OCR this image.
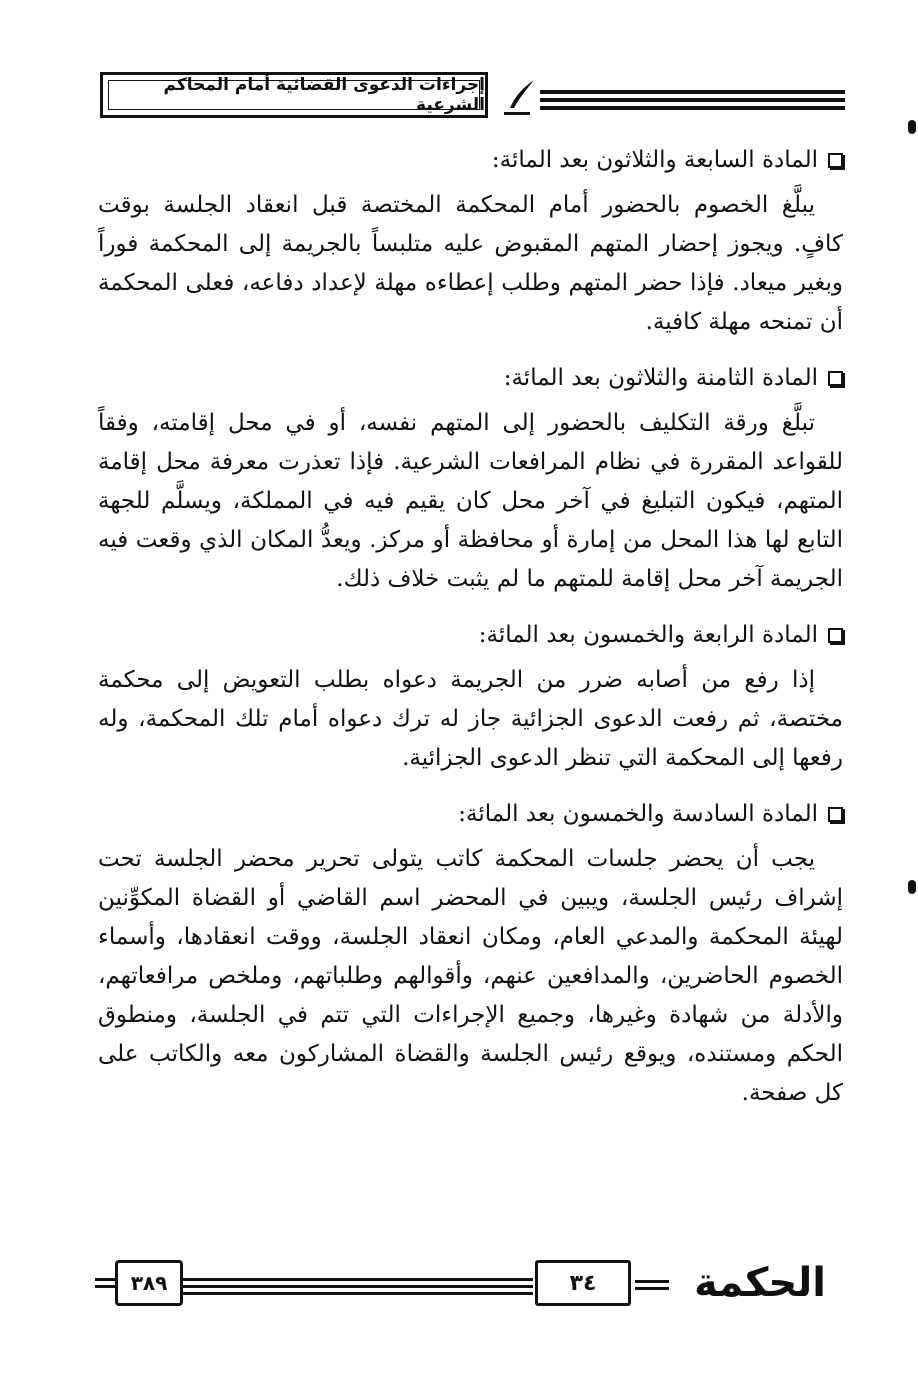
إجراءات الدعوى القضائية أمام المحاكم الشرعية
المادة السابعة والثلاثون بعد المائة:
يبلَّغ الخصوم بالحضور أمام المحكمة المختصة قبل انعقاد الجلسة بوقت كافٍ. ويجوز إحضار المتهم المقبوض عليه متلبساً بالجريمة إلى المحكمة فوراً وبغير ميعاد. فإذا حضر المتهم وطلب إعطاءه مهلة لإعداد دفاعه، فعلى المحكمة أن تمنحه مهلة كافية.
المادة الثامنة والثلاثون بعد المائة:
تبلَّغ ورقة التكليف بالحضور إلى المتهم نفسه، أو في محل إقامته، وفقاً للقواعد المقررة في نظام المرافعات الشرعية. فإذا تعذرت معرفة محل إقامة المتهم، فيكون التبليغ في آخر محل كان يقيم فيه في المملكة، ويسلَّم للجهة التابع لها هذا المحل من إمارة أو محافظة أو مركز. ويعدُّ المكان الذي وقعت فيه الجريمة آخر محل إقامة للمتهم ما لم يثبت خلاف ذلك.
المادة الرابعة والخمسون بعد المائة:
إذا رفع من أصابه ضرر من الجريمة دعواه بطلب التعويض إلى محكمة مختصة، ثم رفعت الدعوى الجزائية جاز له ترك دعواه أمام تلك المحكمة، وله رفعها إلى المحكمة التي تنظر الدعوى الجزائية.
المادة السادسة والخمسون بعد المائة:
يجب أن يحضر جلسات المحكمة كاتب يتولى تحرير محضر الجلسة تحت إشراف رئيس الجلسة، ويبين في المحضر اسم القاضي أو القضاة المكوِّنين لهيئة المحكمة والمدعي العام، ومكان انعقاد الجلسة، ووقت انعقادها، وأسماء الخصوم الحاضرين، والمدافعين عنهم، وأقوالهم وطلباتهم، وملخص مرافعاتهم، والأدلة من شهادة وغيرها، وجميع الإجراءات التي تتم في الجلسة، ومنطوق الحكم ومستنده، ويوقع رئيس الجلسة والقضاة المشاركون معه والكاتب على كل صفحة.
٣٨٩	٣٤ الحكمة
